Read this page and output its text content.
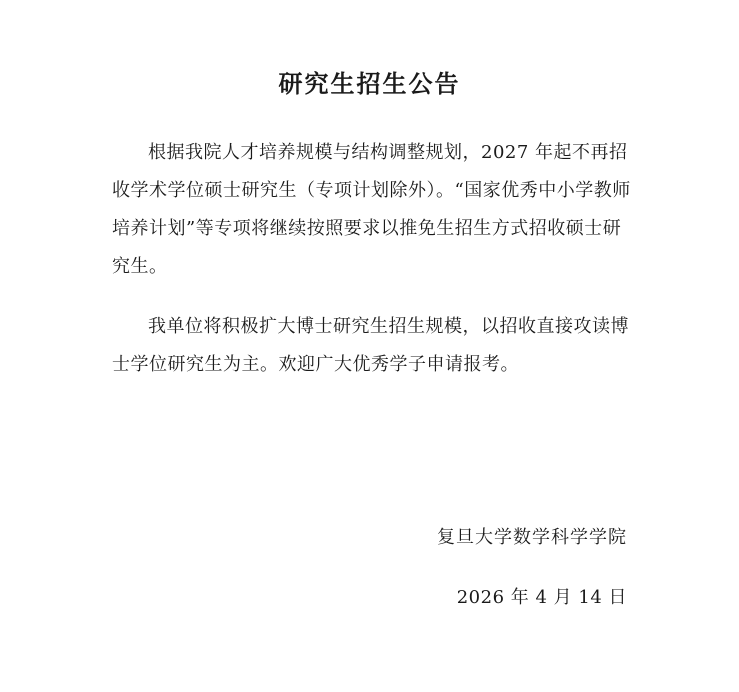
研究生招生公告

根据我院人才培养规模与结构调整规划，2027 年起不再招收学术学位硕士研究生（专项计划除外）。“国家优秀中小学教师培养计划”等专项将继续按照要求以推免生招生方式招收硕士研究生。

我单位将积极扩大博士研究生招生规模，以招收直接攻读博士学位研究生为主。欢迎广大优秀学子申请报考。

复旦大学数学科学学院
2026 年 4 月 14 日
